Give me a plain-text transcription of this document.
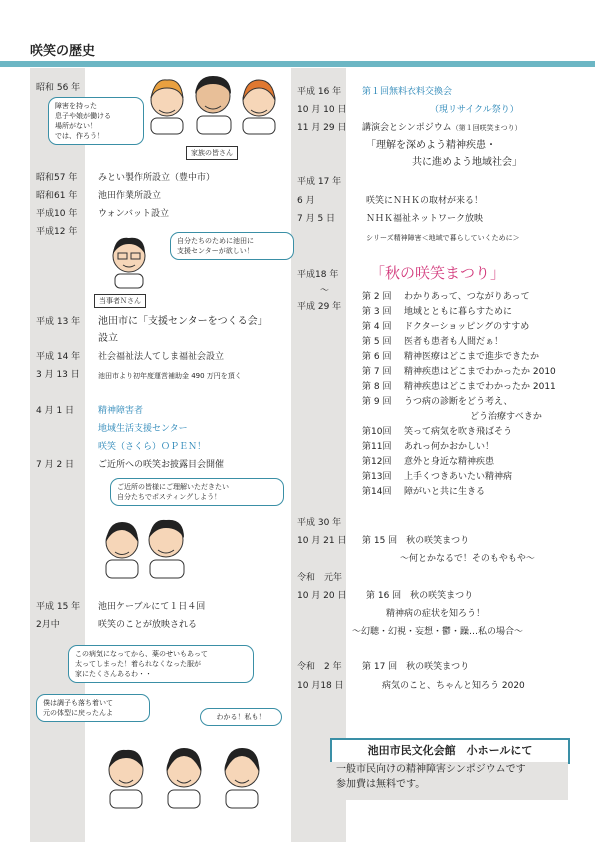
咲笑の歴史
昭和 56 年
障害を持った
息子や娘が働ける
場所がない！
では、作ろう！
家族の皆さん
昭和57 年 みとい製作所設立（豊中市）
昭和61 年 池田作業所設立
平成10 年 ウォンバット設立
平成12 年
自分たちのために池田に
支援センターが欲しい！
当事者Ｎさん
平成 13 年 池田市に「支援センターをつくる会」
設立
平成 14 年 社会福祉法人てしま福祉会設立
3 月 13 日	池田市より初年度運営補助金 490 万円を頂く
4 月 1 日	精神障害者
地域生活支援センター
咲笑（さくら）ＯＰＥＮ！
7 月 2 日	ご近所への咲笑お披露目会開催
ご近所の皆様にご理解いただきたい
自分たちでポスティングしよう！
平成 15 年 池田ケーブルにて１日４回
2月中	咲笑のことが放映される
この病気になってから、薬のせいもあって
太ってしまった！着られなくなった服が
家にたくさんあるわ・・
僕は調子も落ち着いて
元の体型に戻ったんよ	わかる！私も！
平成 16 年 第１回無料衣料交換会
10 月 10 日	（現リサイクル祭り）
11 月 29 日 講演会とシンポジウム（第１回咲笑まつり）
「理解を深めよう精神疾患・
共に進めよう地域社会」
平成 17 年
6 月	咲笑にＮＨＫの取材が来る！
7 月 5 日	ＮＨＫ福祉ネットワーク放映
シリーズ精神障害＜地域で暮らしていくために＞
平成18 年 「秋の咲笑まつり」
〜
平成 29 年
第 2 回 わかりあって、つながりあって
第 3 回 地域とともに暮らすために
第 4 回 ドクターショッピングのすすめ
第 5 回 医者も患者も人間だぁ！
第 6 回 精神医療はどこまで進歩できたか
第 7 回 精神疾患はどこまでわかったか 2010
第 8 回 精神疾患はどこまでわかったか 2011
第 9 回 うつ病の診断をどう考え、
どう治療すべきか
第10回 笑って病気を吹き飛ばそう
第11回 あれっ何かおかしい！
第12回 意外と身近な精神疾患
第13回 上手くつきあいたい精神病
第14回 障がいと共に生きる
平成 30 年
10 月 21 日 第 15 回　秋の咲笑まつり
〜何とかなるで！そのもやもや〜
令和　元年
10 月 20 日 第 16 回　秋の咲笑まつり
精神病の症状を知ろう！
〜幻聴・幻視・妄想・鬱・躁…私の場合〜
令和　2 年 第 17 回　秋の咲笑まつり
10 月18 日	病気のこと、ちゃんと知ろう 2020
池田市民文化会館　小ホールにて
一般市民向けの精神障害シンポジウムです
参加費は無料です。
